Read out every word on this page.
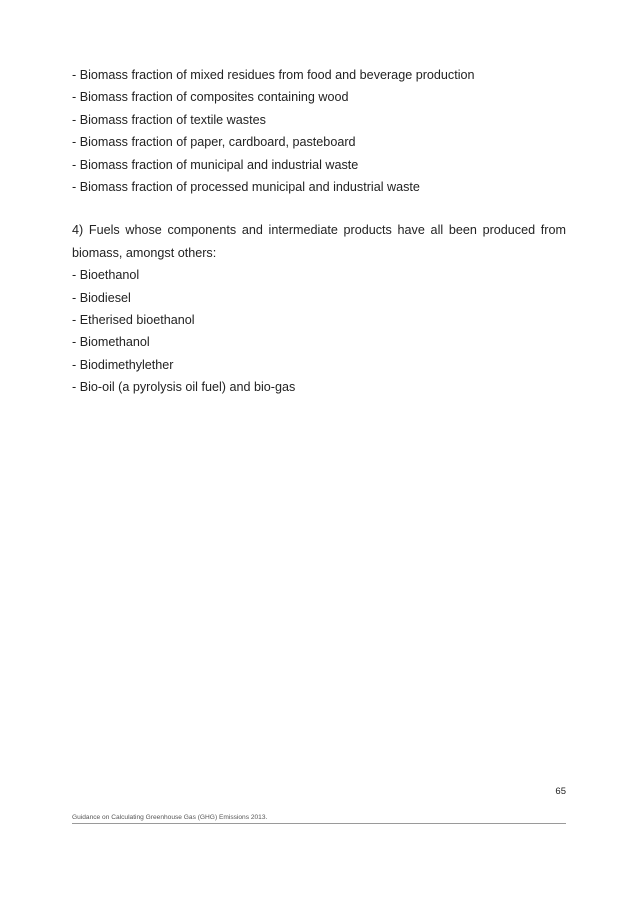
- Biomass fraction of mixed residues from food and beverage production

- Biomass fraction of composites containing wood

- Biomass fraction of textile wastes

- Biomass fraction of paper, cardboard, pasteboard

- Biomass fraction of municipal and industrial waste

- Biomass fraction of processed municipal and industrial waste

4) Fuels whose components and intermediate products have all been produced from biomass, amongst others:

- Bioethanol

- Biodiesel

- Etherised bioethanol

- Biomethanol

- Biodimethylether

- Bio-oil (a pyrolysis oil fuel) and bio-gas

65
Guidance on Calculating Greenhouse Gas (GHG) Emissions 2013.
